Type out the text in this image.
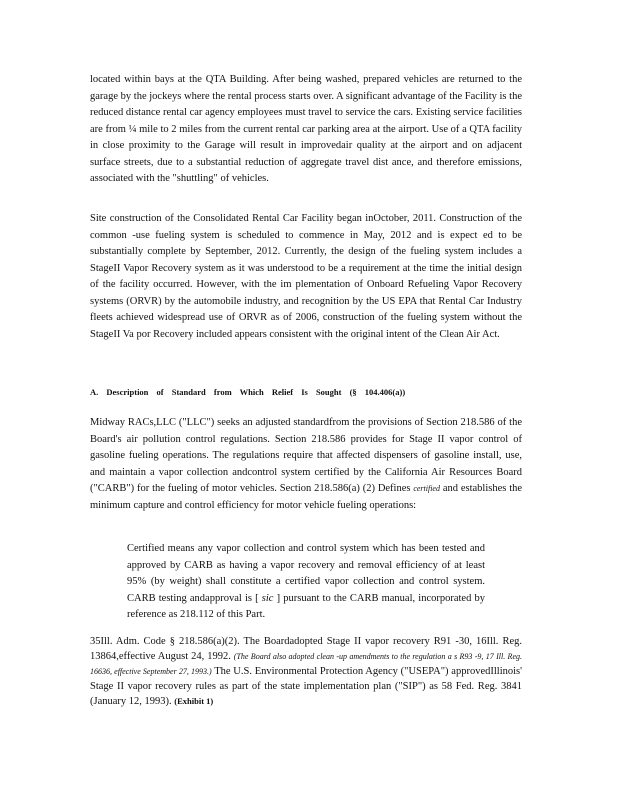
located within bays at the QTA Building. After being washed, prepared vehicles are returned to the garage by the jockeys where the rental process starts over. A significant advantage of the Facility is the reduced distance rental car agency employees must travel to service the cars. Existing service facilities are from ¼ mile to 2 miles from the current rental car parking area at the airport. Use of a QTA facility in close proximity to the Garage will result in improvedair quality at the airport and on adjacent surface streets, due to a substantial reduction of aggregate travel dist ance, and therefore emissions, associated with the "shuttling" of vehicles.

Site construction of the Consolidated Rental Car Facility began inOctober, 2011. Construction of the common -use fueling system is scheduled to commence in May, 2012 and is expect ed to be substantially complete by September, 2012. Currently, the design of the fueling system includes a StageII Vapor Recovery system as it was understood to be a requirement at the time the initial design of the facility occurred. However, with the im plementation of Onboard Refueling Vapor Recovery systems (ORVR) by the automobile industry, and recognition by the US EPA that Rental Car Industry fleets achieved widespread use of ORVR as of 2006, construction of the fueling system without the StageII Va por Recovery included appears consistent with the original intent of the Clean Air Act.

A. Description of Standard from Which Relief Is Sought (§ 104.406(a))

Midway RACs,LLC ("LLC") seeks an adjusted standardfrom the provisions of Section 218.586 of the Board's air pollution control regulations. Section 218.586 provides for Stage II vapor control of gasoline fueling operations. The regulations require that affected dispensers of gasoline install, use, and maintain a vapor collection andcontrol system certified by the California Air Resources Board ("CARB") for the fueling of motor vehicles. Section 218.586(a) (2) Defines certified and establishes the minimum capture and control efficiency for motor vehicle fueling operations:

Certified means any vapor collection and control system which has been tested and approved by CARB as having a vapor recovery and removal efficiency of at least 95% (by weight) shall constitute a certified vapor collection and control system. CARB testing andapproval is [ sic ] pursuant to the CARB manual, incorporated by reference as 218.112 of this Part.

35Ill. Adm. Code § 218.586(a)(2). The Boardadopted Stage II vapor recovery R91 -30, 16Ill. Reg. 13864,effective August 24, 1992. (The Board also adopted clean -up amendments to the regulation a s R93 -9, 17 Ill. Reg. 16636, effective September 27, 1993.) The U.S. Environmental Protection Agency ("USEPA") approvedIllinois' Stage II vapor recovery rules as part of the state implementation plan ("SIP") as 58 Fed. Reg. 3841 (January 12, 1993). (Exhibit 1)
